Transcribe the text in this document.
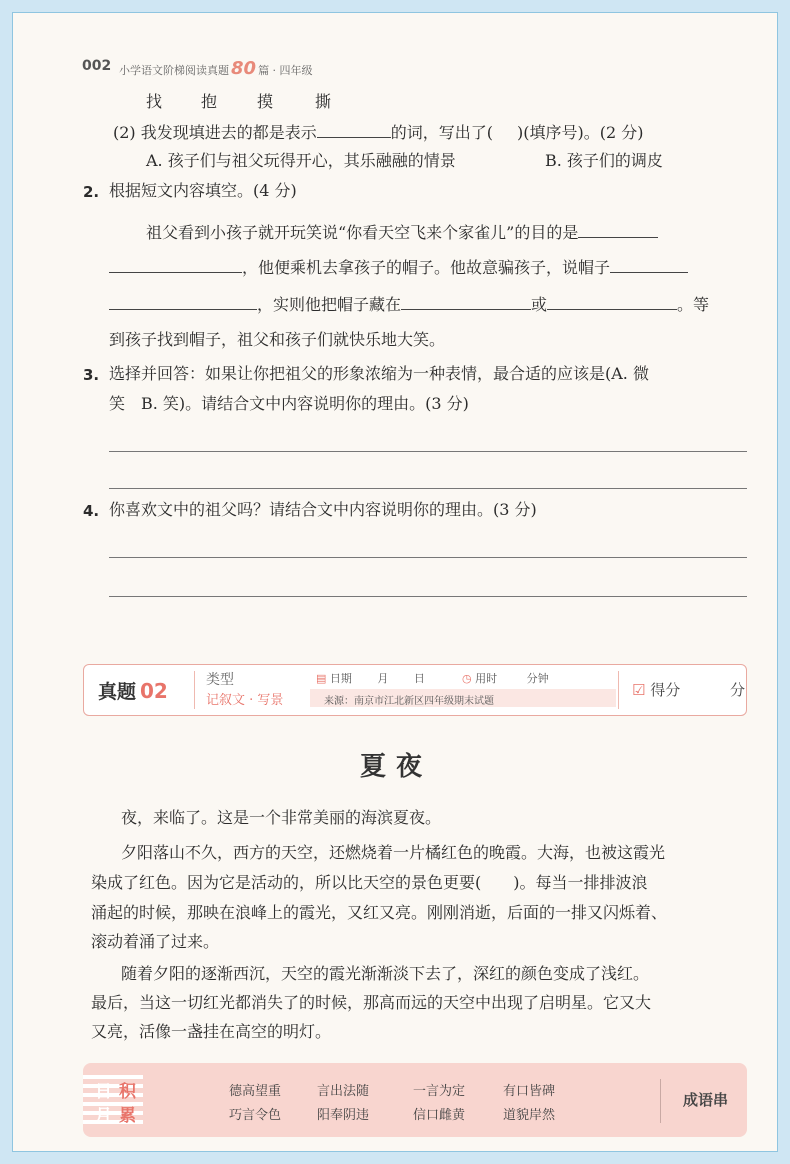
002 小学语文阶梯阅读真题 80 篇 · 四年级
找 抱 摸	撕
(2) 我发现填进去的都是表示	的词，写出了( )(填序号)。(2 分)
A. 孩子们与祖父玩得开心，其乐融融的情景	B. 孩子们的调皮
2. 根据短文内容填空。(4 分)
祖父看到小孩子就开玩笑说“你看天空飞来个家雀儿”的目的是
，他便乘机去拿孩子的帽子。他故意骗孩子，说帽子
，实则他把帽子藏在	或	。等
到孩子找到帽子，祖父和孩子们就快乐地大笑。
3. 选择并回答：如果让你把祖父的形象浓缩为一种表情，最合适的应该是(A. 微
笑　B. 笑)。请结合文中内容说明你的理由。(3 分)
4. 你喜欢文中的祖父吗？请结合文中内容说明你的理由。(3 分)
真题 02	类型
记叙文 · 写景
▤ 日期 月 日	◷ 用时	分钟
来源：南京市江北新区四年级期末试题
☑ 得分	分
夏夜
夜，来临了。这是一个非常美丽的海滨夏夜。
夕阳落山不久，西方的天空，还燃烧着一片橘红色的晚霞。大海，也被这霞光
染成了红色。因为它是活动的，所以比天空的景色更要(　　)。每当一排排波浪
涌起的时候，那映在浪峰上的霞光，又红又亮。刚刚消逝，后面的一排又闪烁着、
滚动着涌了过来。
随着夕阳的逐渐西沉，天空的霞光渐渐淡下去了，深红的颜色变成了浅红。
最后，当这一切红光都消失了的时候，那高而远的天空中出现了启明星。它又大
又亮，活像一盏挂在高空的明灯。
日 积
月 累
德高望重	言出法随	一言为定	有口皆碑
巧言令色	阳奉阴违	信口雌黄	道貌岸然
成语串
